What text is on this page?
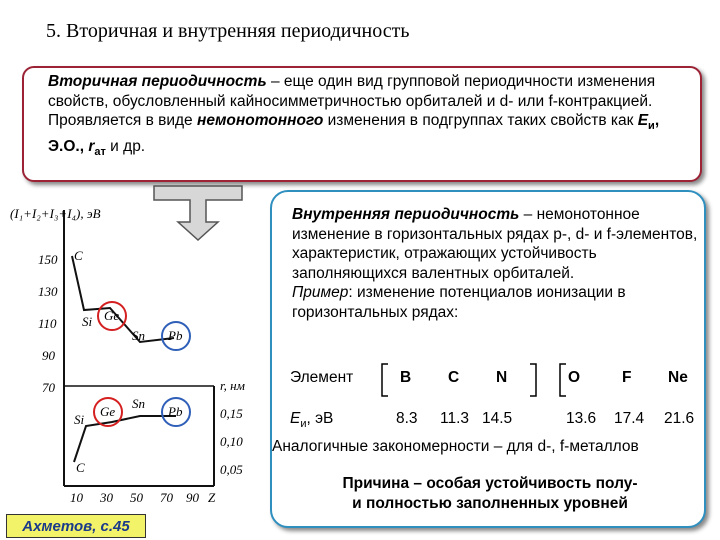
5. Вторичная и внутренняя периодичность
Вторичная периодичность – еще один вид групповой периодичности изменения свойств, обусловленный кайносимметричностью орбиталей и d- или f-контракцией.
Проявляется в виде немонотонного изменения в подгруппах таких свойств как $E_и$, Э.О., $r_{ат}$ и др.
Внутренняя периодичность – немонотонное изменение в горизонтальных рядах p-, d- и f-элементов, характеристик, отражающих устойчивость заполняющихся валентных орбиталей.
Пример: изменение потенциалов ионизации в горизонтальных рядах:
Элемент	B C N	O	F Ne
$E_и$, эВ	8.3 11.3 14.5	13.6 17.4 21.6
Аналогичные закономерности – для d-, f-металлов
Причина – особая устойчивость полу-
и полностью заполненных уровней
(I₁+I₂+I₃+I₄), эВ
150
130
110
90
70	r, нм
0,15
0,10
0,05
10 30 50 70 90 Z
C
Si Ge
Sn Pb
Si
Ge
Sn
Pb
C
Ахметов, с.45
